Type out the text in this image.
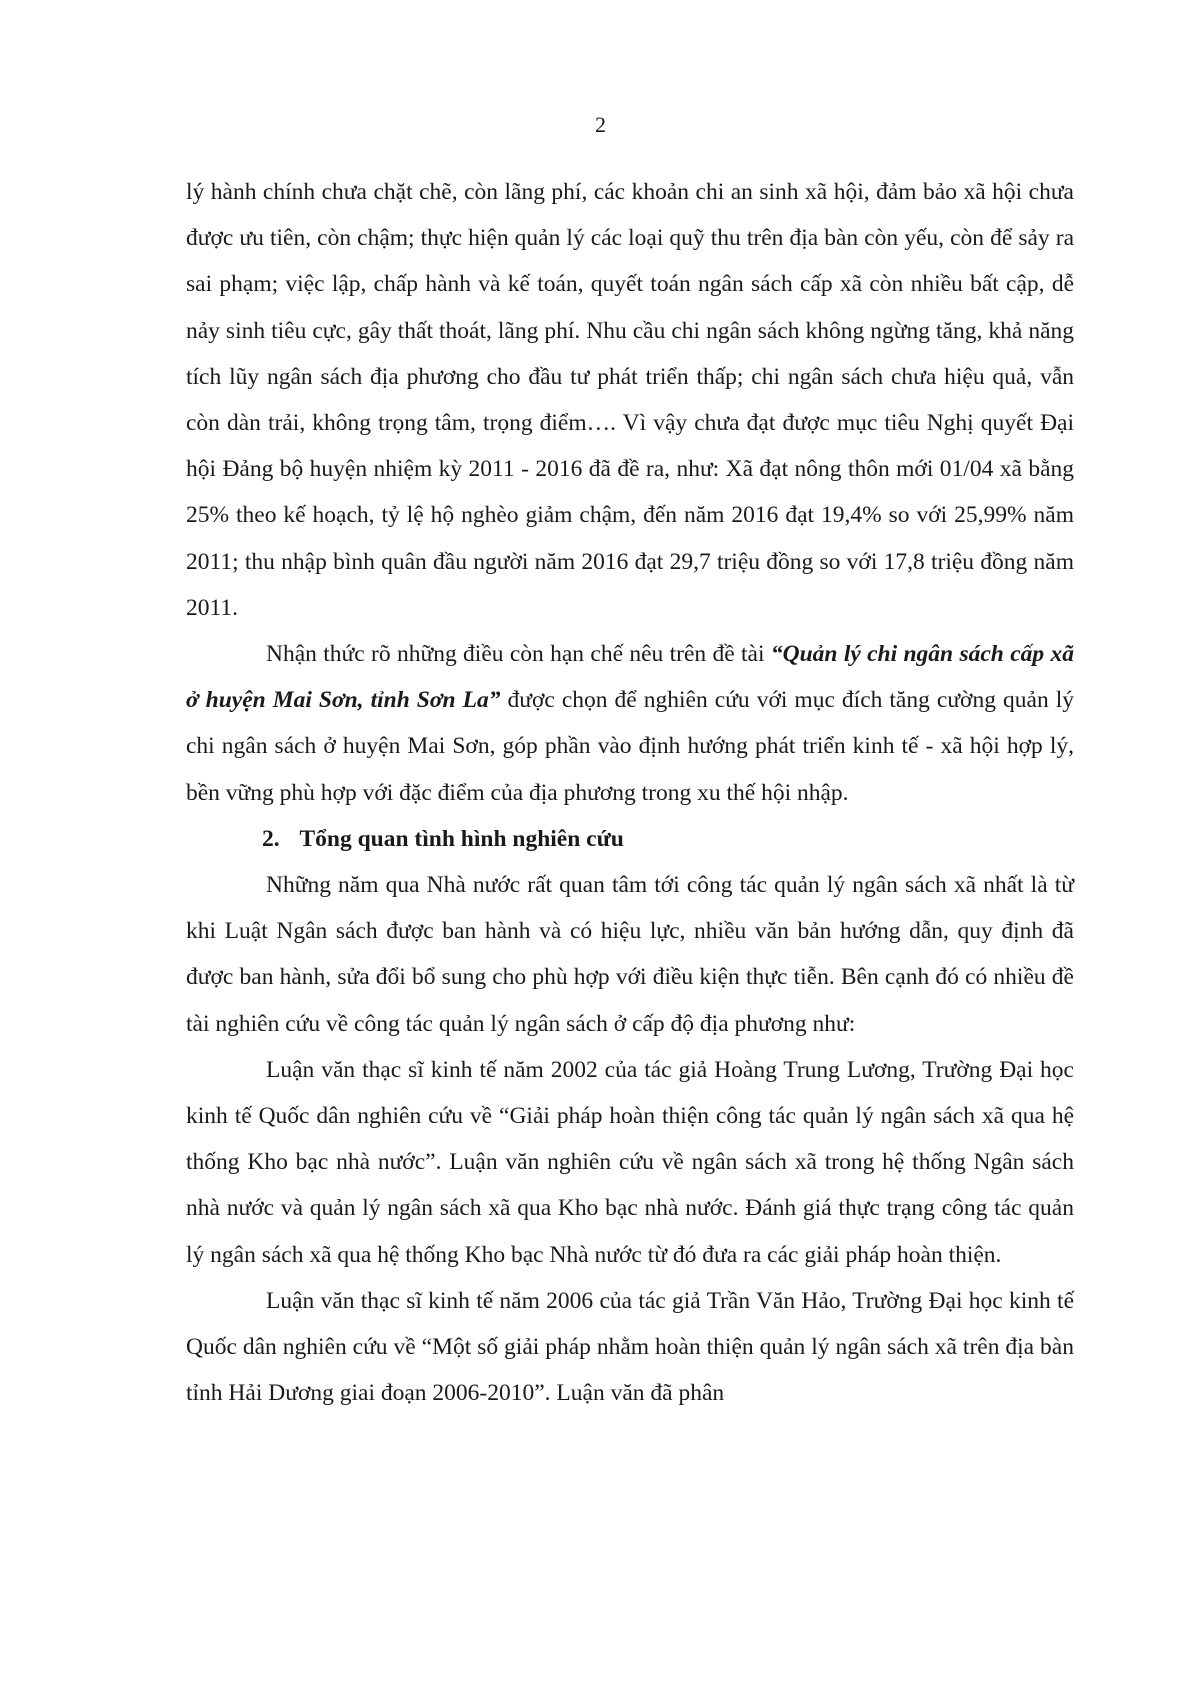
2

lý hành chính chưa chặt chẽ, còn lãng phí, các khoản chi an sinh xã hội, đảm bảo xã hội chưa được ưu tiên, còn chậm; thực hiện quản lý các loại quỹ thu trên địa bàn còn yếu, còn để sảy ra sai phạm; việc lập, chấp hành và kế toán, quyết toán ngân sách cấp xã còn nhiều bất cập, dễ nảy sinh tiêu cực, gây thất thoát, lãng phí. Nhu cầu chi ngân sách không ngừng tăng, khả năng tích lũy ngân sách địa phương cho đầu tư phát triển thấp; chi ngân sách chưa hiệu quả, vẫn còn dàn trải, không trọng tâm, trọng điểm…. Vì vậy chưa đạt được mục tiêu Nghị quyết Đại hội Đảng bộ huyện nhiệm kỳ 2011 - 2016 đã đề ra, như: Xã đạt nông thôn mới 01/04 xã bằng 25% theo kế hoạch, tỷ lệ hộ nghèo giảm chậm, đến năm 2016 đạt 19,4% so với 25,99% năm 2011; thu nhập bình quân đầu người năm 2016 đạt 29,7 triệu đồng so với 17,8 triệu đồng năm 2011.

Nhận thức rõ những điều còn hạn chế nêu trên đề tài “Quản lý chi ngân sách cấp xã ở huyện Mai Sơn, tỉnh Sơn La” được chọn để nghiên cứu với mục đích tăng cường quản lý chi ngân sách ở huyện Mai Sơn, góp phần vào định hướng phát triển kinh tế - xã hội hợp lý, bền vững phù hợp với đặc điểm của địa phương trong xu thế hội nhập.

2. Tổng quan tình hình nghiên cứu

Những năm qua Nhà nước rất quan tâm tới công tác quản lý ngân sách xã nhất là từ khi Luật Ngân sách được ban hành và có hiệu lực, nhiều văn bản hướng dẫn, quy định đã được ban hành, sửa đổi bổ sung cho phù hợp với điều kiện thực tiễn. Bên cạnh đó có nhiều đề tài nghiên cứu về công tác quản lý ngân sách ở cấp độ địa phương như:

Luận văn thạc sĩ kinh tế năm 2002 của tác giả Hoàng Trung Lương, Trường Đại học kinh tế Quốc dân nghiên cứu về “Giải pháp hoàn thiện công tác quản lý ngân sách xã qua hệ thống Kho bạc nhà nước”. Luận văn nghiên cứu về ngân sách xã trong hệ thống Ngân sách nhà nước và quản lý ngân sách xã qua Kho bạc nhà nước. Đánh giá thực trạng công tác quản lý ngân sách xã qua hệ thống Kho bạc Nhà nước từ đó đưa ra các giải pháp hoàn thiện.

Luận văn thạc sĩ kinh tế năm 2006 của tác giả Trần Văn Hảo, Trường Đại học kinh tế Quốc dân nghiên cứu về “Một số giải pháp nhằm hoàn thiện quản lý ngân sách xã trên địa bàn tỉnh Hải Dương giai đoạn 2006-2010”. Luận văn đã phân
